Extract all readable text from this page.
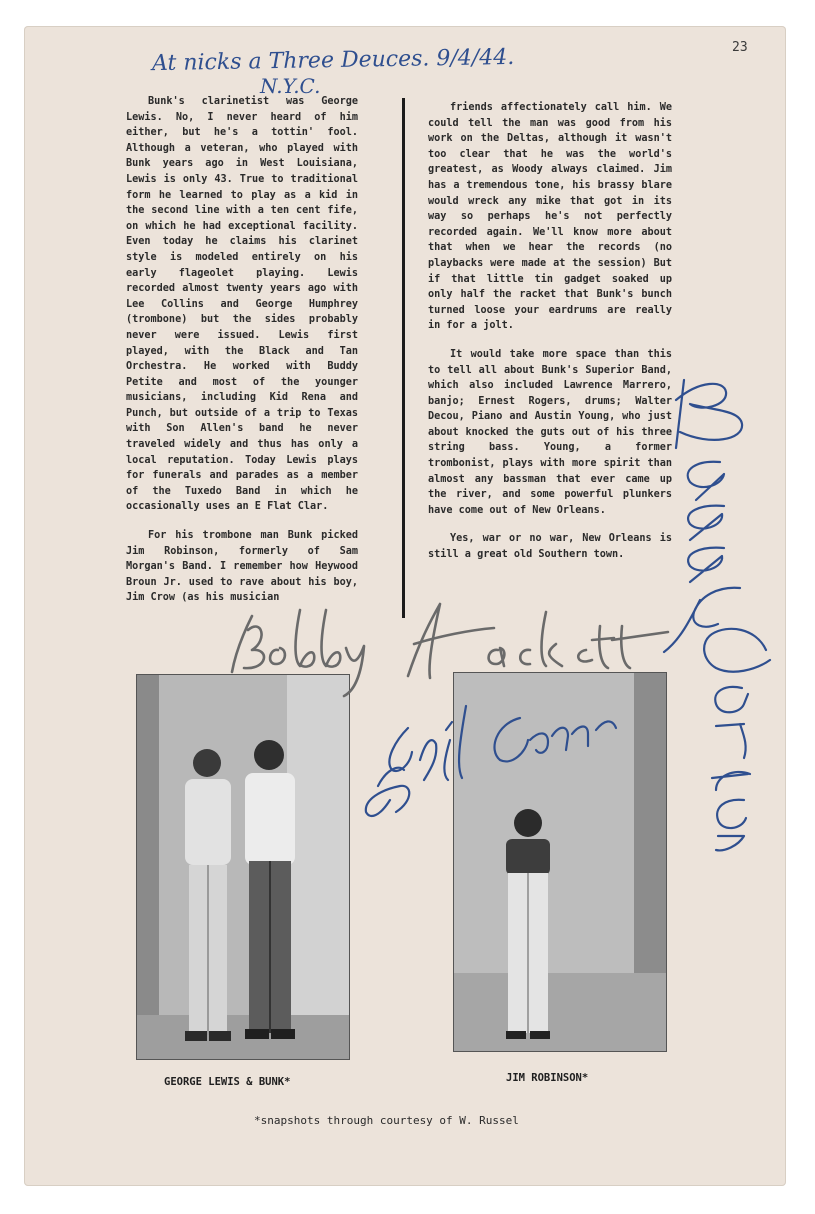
23
At nicks a Three Deuces. 9/4/44.
N.Y.C.

Bunk's clarinetist was George Lewis. No, I never heard of him either, but he's a tottin' fool. Although a veteran, who played with Bunk years ago in West Louisiana, Lewis is only 43. True to traditional form he learned to play as a kid in the second line with a ten cent fife, on which he had exceptional facility. Even today he claims his clarinet style is modeled entirely on his early flageolet playing. Lewis recorded almost twenty years ago with Lee Collins and George Humphrey (trombone) but the sides probably never were issued. Lewis first played, with the Black and Tan Orchestra. He worked with Buddy Petite and most of the younger musicians, including Kid Rena and Punch, but outside of a trip to Texas with Son Allen's band he never traveled widely and thus has only a local reputation. Today Lewis plays for funerals and parades as a member of the Tuxedo Band in which he occasionally uses an E Flat Clar.

For his trombone man Bunk picked Jim Robinson, formerly of Sam Morgan's Band. I remember how Heywood Broun Jr. used to rave about his boy, Jim Crow (as his musician

friends affectionately call him. We could tell the man was good from his work on the Deltas, although it wasn't too clear that he was the world's greatest, as Woody always claimed. Jim has a tremendous tone, his brassy blare would wreck any mike that got in its way so perhaps he's not perfectly recorded again. We'll know more about that when we hear the records (no playbacks were made at the session) But if that little tin gadget soaked up only half the racket that Bunk's bunch turned loose your eardrums are really in for a jolt.

It would take more space than this to tell all about Bunk's Superior Band, which also included Lawrence Marrero, banjo; Ernest Rogers, drums; Walter Decou, Piano and Austin Young, who just about knocked the guts out of his three string bass. Young, a former trombonist, plays with more spirit than almost any bassman that ever came up the river, and some powerful plunkers have come out of New Orleans.

Yes, war or no war, New Orleans is still a great old Southern town.

GEORGE LEWIS & BUNK*	JIM ROBINSON*
*snapshots through courtesy of W. Russel
